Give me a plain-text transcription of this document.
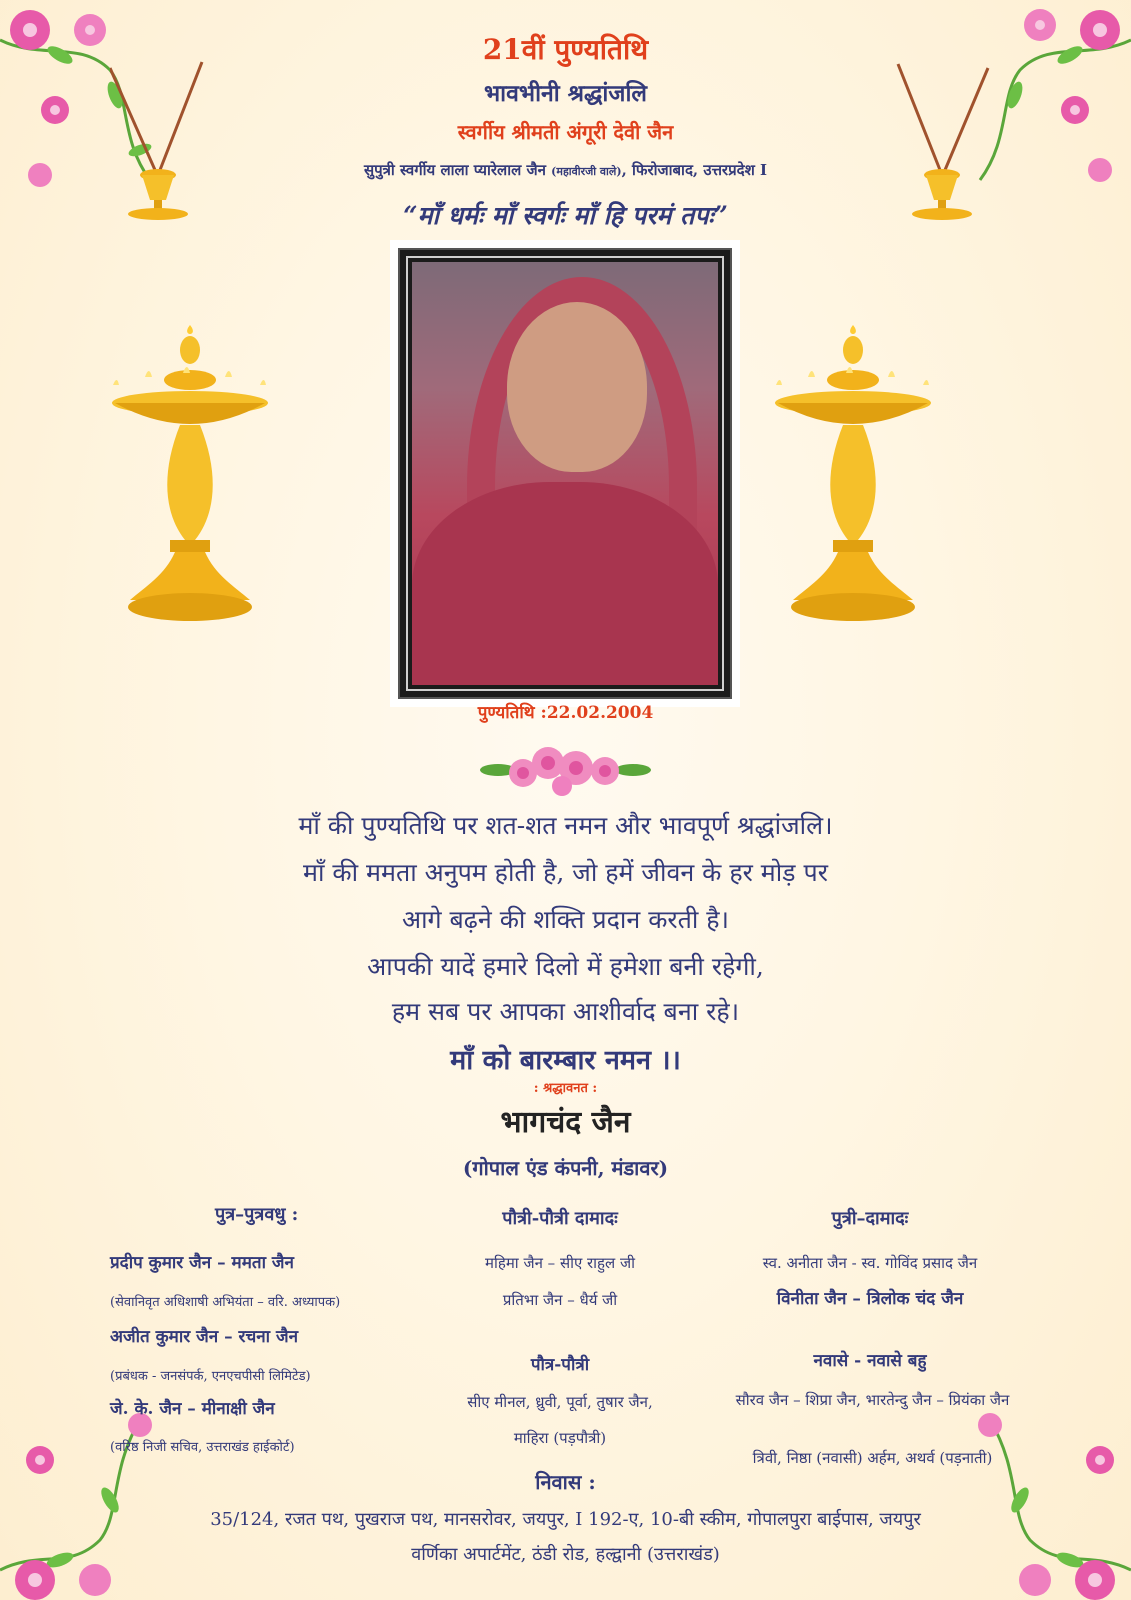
21वीं पुण्यतिथि
भावभीनी श्रद्धांजलि
स्वर्गीय श्रीमती अंगूरी देवी जैन
सुपुत्री स्वर्गीय लाला प्यारेलाल जैन (महावीरजी वाले), फिरोजाबाद, उत्तरप्रदेश I
“माँ धर्मः माँ स्वर्गः माँ हि परमं तपः”
पुण्यतिथि :22.02.2004
माँ की पुण्यतिथि पर शत-शत नमन और भावपूर्ण श्रद्धांजलि।
माँ की ममता अनुपम होती है, जो हमें जीवन के हर मोड़ पर
आगे बढ़ने की शक्ति प्रदान करती है।
आपकी यादें हमारे दिलो में हमेशा बनी रहेगी,
हम सब पर आपका आशीर्वाद बना रहे।
माँ को बारम्बार नमन ।।
: श्रद्धावनत :
भागचंद जैन
(गोपाल एंड कंपनी, मंडावर)
पुत्र–पुत्रवधु :
प्रदीप कुमार जैन – ममता जैन
(सेवानिवृत अधिशाषी अभियंता – वरि. अध्यापक)
अजीत कुमार जैन – रचना जैन
(प्रबंधक - जनसंपर्क, एनएचपीसी लिमिटेड)
जे. के. जैन – मीनाक्षी जैन
(वरिष्ठ निजी सचिव, उत्तराखंड हाईकोर्ट)
पौत्री-पौत्री दामादः
महिमा जैन – सीए राहुल जी
प्रतिभा जैन – धैर्य जी
पौत्र-पौत्री
सीए मीनल, ध्रुवी, पूर्वा, तुषार जैन,
माहिरा (पड़पौत्री)
पुत्री–दामादः
स्व. अनीता जैन - स्व. गोविंद प्रसाद जैन
विनीता जैन – त्रिलोक चंद जैन
नवासे - नवासे बहु
सौरव जैन – शिप्रा जैन, भारतेन्दु जैन – प्रियंका जैन
त्रिवी, निष्ठा (नवासी) अर्हम, अथर्व (पड़नाती)
निवास :
35/124, रजत पथ, पुखराज पथ, मानसरोवर, जयपुर, I 192-ए, 10-बी स्कीम, गोपालपुरा बाईपास, जयपुर
वर्णिका अपार्टमेंट, ठंडी रोड, हल्द्वानी (उत्तराखंड)
